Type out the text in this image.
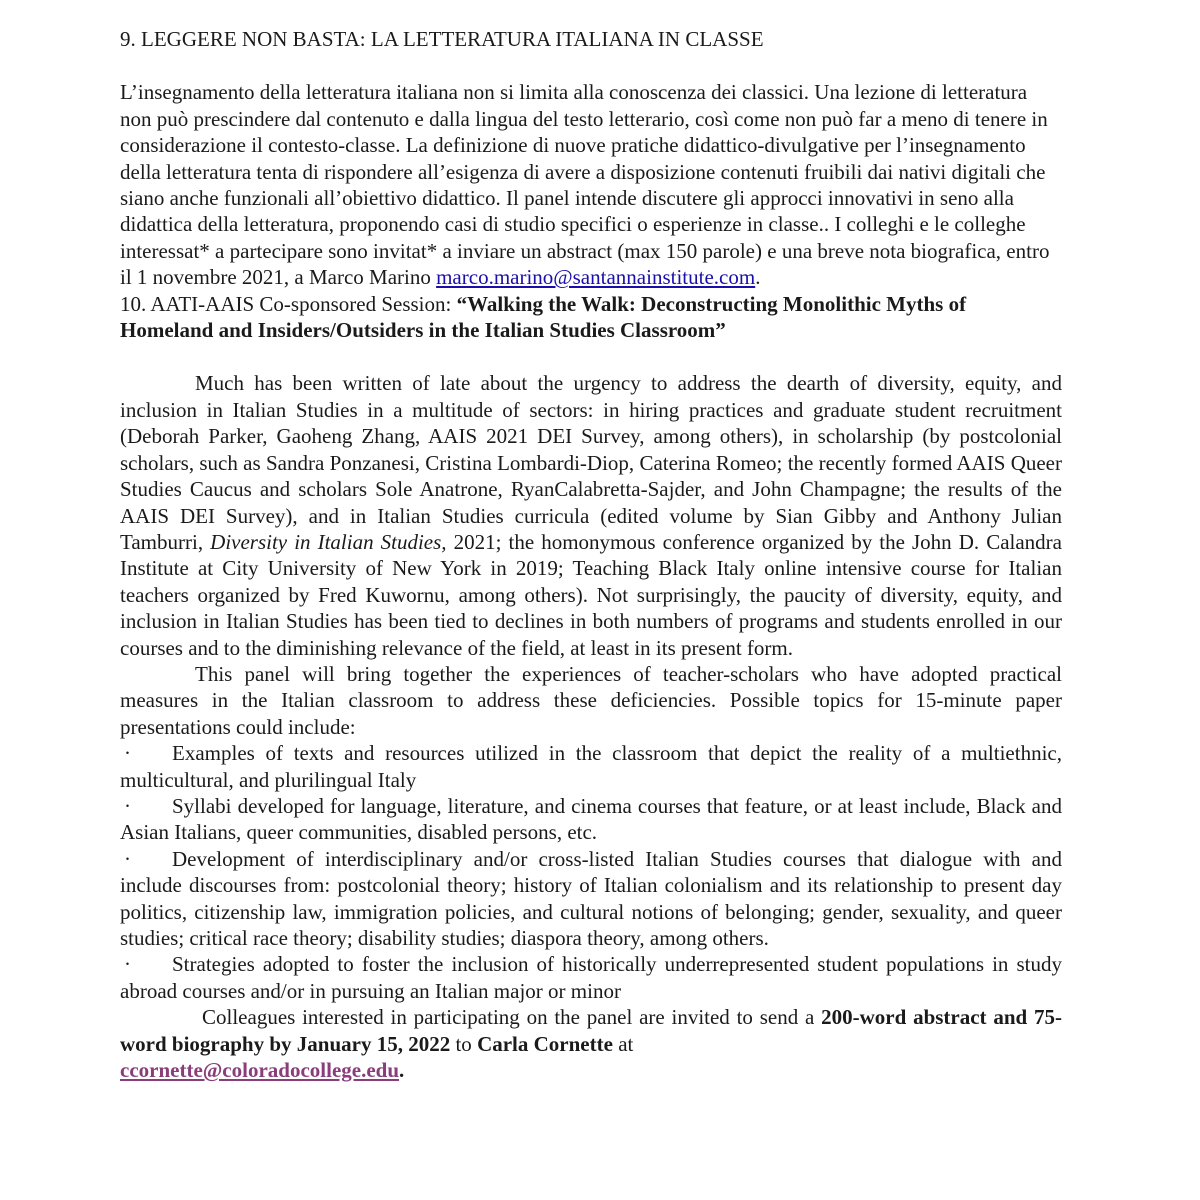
9. LEGGERE NON BASTA: LA LETTERATURA ITALIANA IN CLASSE

L’insegnamento della letteratura italiana non si limita alla conoscenza dei classici. Una lezione di letteratura non può prescindere dal contenuto e dalla lingua del testo letterario, così come non può far a meno di tenere in considerazione il contesto-classe. La definizione di nuove pratiche didattico-divulgative per l’insegnamento della letteratura tenta di rispondere all’esigenza di avere a disposizione contenuti fruibili dai nativi digitali che siano anche funzionali all’obiettivo didattico. Il panel intende discutere gli approcci innovativi in seno alla didattica della letteratura, proponendo casi di studio specifici o esperienze in classe.. I colleghi e le colleghe interessat* a partecipare sono invitat* a inviare un abstract (max 150 parole) e una breve nota biografica, entro il 1 novembre 2021, a Marco Marino marco.marino@santannainstitute.com.

10. AATI-AAIS Co-sponsored Session: “Walking the Walk: Deconstructing Monolithic Myths of Homeland and Insiders/Outsiders in the Italian Studies Classroom”

Much has been written of late about the urgency to address the dearth of diversity, equity, and inclusion in Italian Studies in a multitude of sectors: in hiring practices and graduate student recruitment (Deborah Parker, Gaoheng Zhang, AAIS 2021 DEI Survey, among others), in scholarship (by postcolonial scholars, such as Sandra Ponzanesi, Cristina Lombardi-Diop, Caterina Romeo; the recently formed AAIS Queer Studies Caucus and scholars Sole Anatrone, RyanCalabretta-Sajder, and John Champagne; the results of the AAIS DEI Survey), and in Italian Studies curricula (edited volume by Sian Gibby and Anthony Julian Tamburri, Diversity in Italian Studies, 2021; the homonymous conference organized by the John D. Calandra Institute at City University of New York in 2019; Teaching Black Italy online intensive course for Italian teachers organized by Fred Kuwornu, among others). Not surprisingly, the paucity of diversity, equity, and inclusion in Italian Studies has been tied to declines in both numbers of programs and students enrolled in our courses and to the diminishing relevance of the field, at least in its present form.

This panel will bring together the experiences of teacher-scholars who have adopted practical measures in the Italian classroom to address these deficiencies. Possible topics for 15-minute paper presentations could include:

· Examples of texts and resources utilized in the classroom that depict the reality of a multiethnic, multicultural, and plurilingual Italy

· Syllabi developed for language, literature, and cinema courses that feature, or at least include, Black and Asian Italians, queer communities, disabled persons, etc.

· Development of interdisciplinary and/or cross-listed Italian Studies courses that dialogue with and include discourses from: postcolonial theory; history of Italian colonialism and its relationship to present day politics, citizenship law, immigration policies, and cultural notions of belonging; gender, sexuality, and queer studies; critical race theory; disability studies; diaspora theory, among others.

· Strategies adopted to foster the inclusion of historically underrepresented student populations in study abroad courses and/or in pursuing an Italian major or minor

Colleagues interested in participating on the panel are invited to send a 200-word abstract and 75-word biography by January 15, 2022 to Carla Cornette at
ccornette@coloradocollege.edu.
